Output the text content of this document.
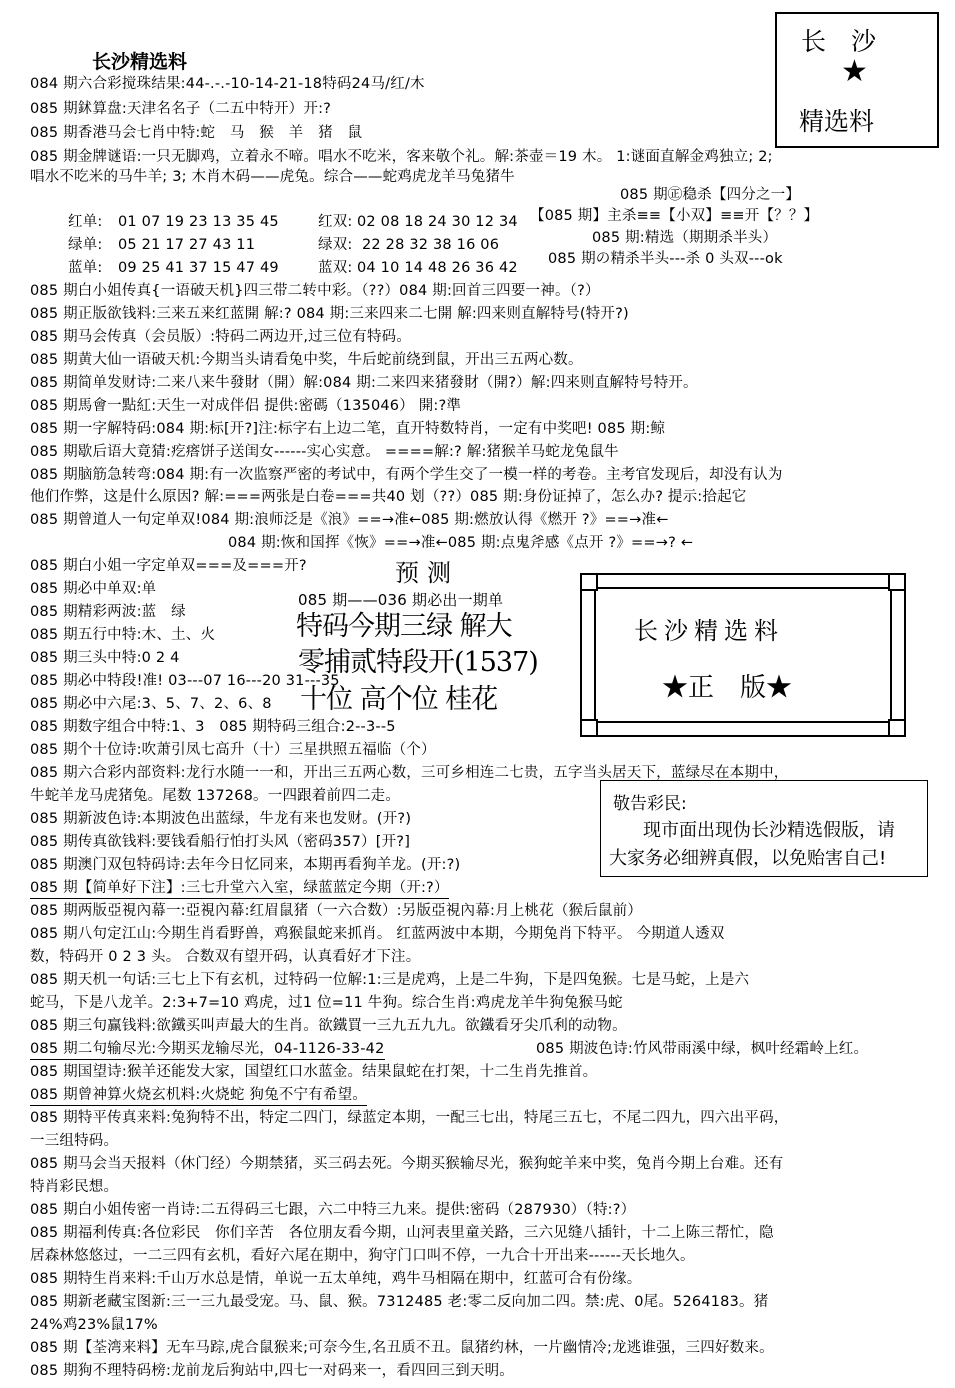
长沙精选料
长　沙
★
精选料
084 期六合彩搅珠结果:44-.-.-10-14-21-18特码24马/红/木
085 期鉥算盘:天津名名子（二五中特开）开:?
085 期香港马会七肖中特:蛇　马　猴　羊　猪　鼠
085 期金牌谜语:一只无脚鸡，立着永不啼。唱水不吃米，客来敬个礼。解:茶壶＝19 木。 1:谜面直解金鸡独立; 2;
唱水不吃米的马牛羊; 3; 木肖木码——虎兔。综合——蛇鸡虎龙羊马兔猪牛
085 期㊣稳杀【四分之一】
【085 期】主杀≡≡【小双】≡≡开【？？】
085 期:精选（期期杀半头）
085 期の精杀半头---杀 0 头双---ok
红单: 01 07 19 23 13 35 45	红双: 02 08 18 24 30 12 34
绿单: 05 21 17 27 43 11	绿双: 22 28 32 38 16 06
蓝单: 09 25 41 37 15 47 49	蓝双: 04 10 14 48 26 36 42
085 期白小姐传真{一语破天机}四三带二转中彩。（??）084 期:回首三四要一神。（?）
085 期正版欲钱料:三来五来红蓝開 解:? 084 期:三来四来二七開 解:四来则直解特号(特开?)
085 期马会传真（会员版）:特码二两边开,过三位有特码。
085 期黄大仙一语破天机:今期当头请看兔中奖，牛后蛇前绕到鼠，开出三五两心数。
085 期简单发财诗:二来八来牛發財（開）解:084 期:二来四来猪發財（開?）解:四来则直解特号特开。
085 期馬會一點紅:天生一对成伴侣 提供:密碼（135046） 開:?準
085 期一字解特码:084 期:标[开?]注:标字右上边二笔，直开特数特肖，一定有中奖吧! 085 期:鲸
085 期歇后语大竟猜:疙瘩饼子送闺女------实心实意。 ====解:? 解:猪猴羊马蛇龙兔鼠牛
085 期脑筋急转弯:084 期:有一次监察严密的考试中，有两个学生交了一模一样的考卷。主考官发现后，却没有认为
他们作弊，这是什么原因? 解:===两张是白卷===共40 划（??）085 期:身份证掉了，怎么办? 提示:拾起它
085 期曾道人一句定单双!084 期:浪师泛是《浪》==→准←085 期:燃放认得《燃开 ?》==→准←
084 期:恢和国挥《恢》==→准←085 期:点鬼斧感《点开 ?》==→? ←
085 期白小姐一字定单双===及===开?
085 期必中单双:单
085 期精彩两波:蓝　绿
085 期五行中特:木、土、火
085 期三头中特:0 2 4
085 期必中特段!准! 03---07 16---20 31---35
085 期必中六尾:3、5、7、2、6、8
085 期数字组合中特:1、3　085 期特码三组合:2--3--5
085 期个十位诗:吹萧引凤七高升（十）三星拱照五福临（个）
预测
085 期——036 期必出一期单
特码今期三绿 解大
零捕贰特段开(1537)
十位 高个位 桂花
长沙精选料
★正　版★
085 期六合彩内部资料:龙行水随一一和，开出三五两心数，三可乡相连二七贵，五字当头居天下，蓝绿尽在本期中，
牛蛇羊龙马虎猪兔。尾数 137268。一四跟着前四二走。
085 期新波色诗:本期波色出蓝绿，牛龙有来也发财。(开?)
085 期传真欲钱料:要钱看船行怕打头风（密码357）[开?]
085 期澳门双包特码诗:去年今日忆同来，本期再看狗羊龙。(开:?)
085 期【简单好下注】:三七升堂六入室，绿蓝蓝定今期（开:?）
敬告彩民:
现市面出现伪长沙精选假版，请
大家务必细辨真假，以免贻害自己!
085 期两版亞視內幕一:亞視內幕:红眉鼠猪（一六合数）:另版亞視內幕:月上桃花（猴后鼠前）
085 期八句定江山:今期生肖看野兽，鸡猴鼠蛇来抓肖。 红蓝两波中本期，今期兔肖下特平。 今期道人透双
数，特码开 0 2 3 头。 合数双有望开码，认真看好才下注。
085 期天机一句话:三七上下有玄机，过特码一位解:1:三是虎鸡，上是二牛狗，下是四兔猴。七是马蛇，上是六
蛇马，下是八龙羊。2:3+7=10 鸡虎，过1 位=11 牛狗。综合生肖:鸡虎龙羊牛狗兔猴马蛇
085 期三句赢钱料:欲鐵买叫声最大的生肖。欲鐵買一三九五九九。欲鐵看牙尖爪利的动物。
085 期二句输尽光:今期买龙输尽光，04-1126-33-42	085 期波色诗:竹风带雨溪中绿，枫叶经霜岭上红。
085 期国望诗:猴羊还能发大家，国望红口水蓝金。结果鼠蛇在打架，十二生肖先推首。
085 期曾神算火烧玄机料:火烧蛇 狗兔不宁有希望。
085 期特平传真来料:兔狗特不出，特定二四门，绿蓝定本期，一配三七出，特尾三五七，不尾二四九，四六出平码，
一三组特码。
085 期马会当天报料（休门经）今期禁猪，买三码去死。今期买猴输尽光，猴狗蛇羊来中奖，兔肖今期上台难。还有
特肖彩民想。
085 期白小姐传密一肖诗:二五得码三七跟，六二中特三九来。提供:密码（287930）（特:?）
085 期福利传真:各位彩民　你们辛苦　各位朋友看今期，山河表里童关路，三六见缝八插针，十二上陈三帮忙，隐
居森林悠悠过，一二三四有玄机，看好六尾在期中，狗守门口叫不停，一九合十开出来------天长地久。
085 期特生肖来料:千山万水总是情，单说一五太单纯，鸡牛马相隔在期中，红蓝可合有份缘。
085 期新老藏宝图新:三一三九最受宠。马、鼠、猴。7312485 老:零二反向加二四。禁:虎、0尾。5264183。猪
24%鸡23%鼠17%
085 期【荃湾来料】无车马踪,虎合鼠猴来;可奈今生,名丑质不丑。鼠猪约林，一片幽情冷;龙逃谁强，三四好数来。
085 期狗不理特码榜:龙前龙后狗站中,四七一对码来一，看四回三到天明。
